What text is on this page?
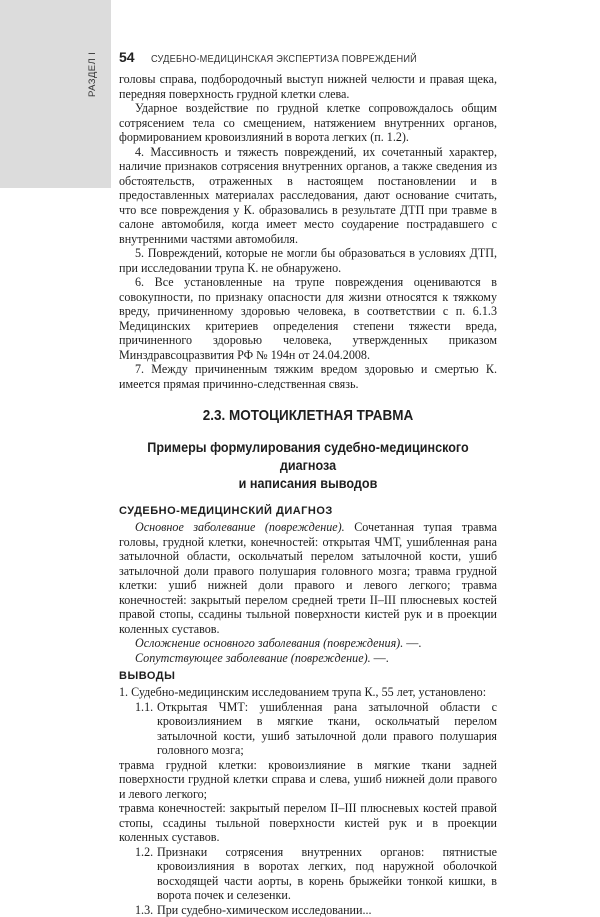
РАЗДЕЛ I 54 СУДЕБНО-МЕДИЦИНСКАЯ ЭКСПЕРТИЗА ПОВРЕЖДЕНИЙ

головы справа, подбородочный выступ нижней челюсти и правая щека, передняя поверхность грудной клетки слева.

Ударное воздействие по грудной клетке сопровождалось общим сотрясением тела со смещением, натяжением внутренних органов, формированием кровоизлияний в ворота легких (п. 1.2).

4. Массивность и тяжесть повреждений, их сочетанный характер, наличие признаков сотрясения внутренних органов, а также сведения из обстоятельств, отраженных в настоящем постановлении и в предоставленных материалах расследования, дают основание считать, что все повреждения у К. образовались в результате ДТП при травме в салоне автомобиля, когда имеет место соударение пострадавшего с внутренними частями автомобиля.

5. Повреждений, которые не могли бы образоваться в условиях ДТП, при исследовании трупа К. не обнаружено.

6. Все установленные на трупе повреждения оцениваются в совокупности, по признаку опасности для жизни относятся к тяжкому вреду, причиненному здоровью человека, в соответствии с п. 6.1.3 Медицинских критериев определения степени тяжести вреда, причиненного здоровью человека, утвержденных приказом Минздравсоцразвития РФ № 194н от 24.04.2008.

7. Между причиненным тяжким вредом здоровью и смертью К. имеется прямая причинно-следственная связь.

2.3. МОТОЦИКЛЕТНАЯ ТРАВМА
Примеры формулирования судебно-медицинского диагноза
и написания выводов
СУДЕБНО-МЕДИЦИНСКИЙ ДИАГНОЗ

Основное заболевание (повреждение). Сочетанная тупая травма головы, грудной клетки, конечностей: открытая ЧМТ, ушибленная рана затылочной области, оскольчатый перелом затылочной кости, ушиб затылочной доли правого полушария головного мозга; травма грудной клетки: ушиб нижней доли правого и левого легкого; травма конечностей: закрытый перелом средней трети II–III плюсневых костей правой стопы, ссадины тыльной поверхности кистей рук и в проекции коленных суставов.

Осложнение основного заболевания (повреждения). —.

Сопутствующее заболевание (повреждение). —.

ВЫВОДЫ

1. Судебно-медицинским исследованием трупа К., 55 лет, установлено:

1.1. Открытая ЧМТ: ушибленная рана затылочной области с кровоизлиянием в мягкие ткани, оскольчатый перелом затылочной кости, ушиб затылочной доли правого полушария головного мозга;

травма грудной клетки: кровоизлияние в мягкие ткани задней поверхности грудной клетки справа и слева, ушиб нижней доли правого и левого легкого;

травма конечностей: закрытый перелом II–III плюсневых костей правой стопы, ссадины тыльной поверхности кистей рук и в проекции коленных суставов.

1.2. Признаки сотрясения внутренних органов: пятнистые кровоизлияния в воротах легких, под наружной оболочкой восходящей части аорты, в корень брыжейки тонкой кишки, в ворота почек и селезенки.
1.3. При судебно-химическом исследовании...
